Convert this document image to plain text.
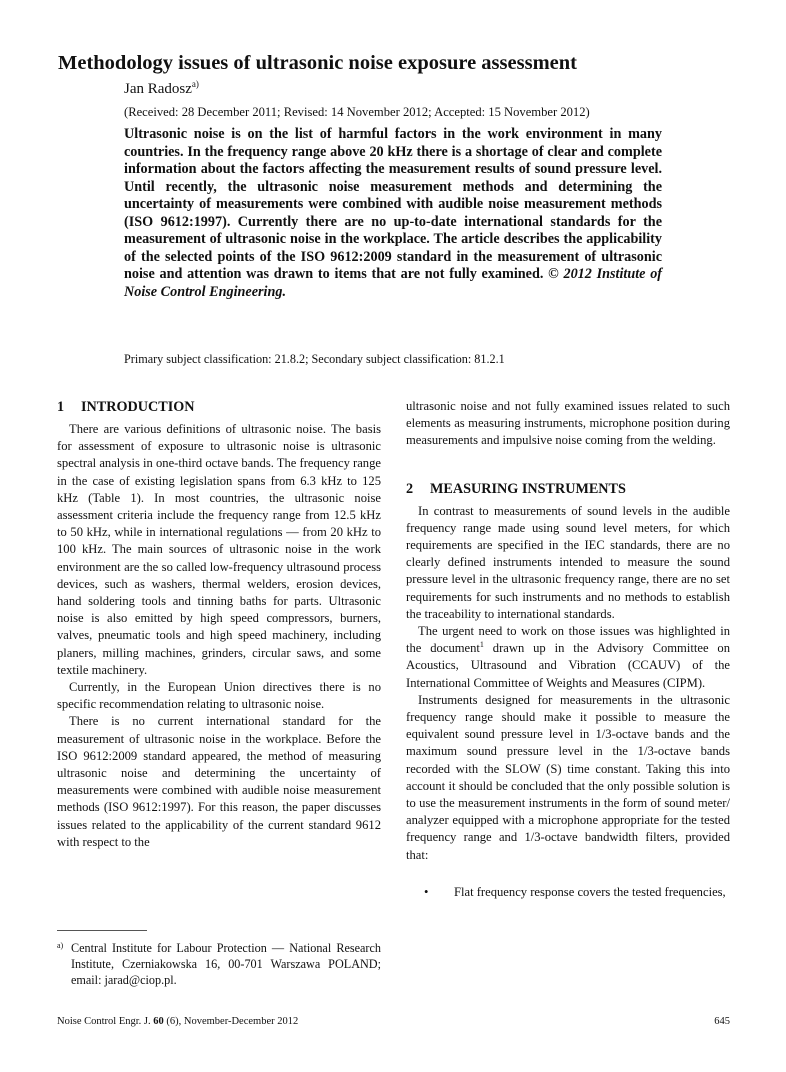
Methodology issues of ultrasonic noise exposure assessment
Jan Radosz$^{a)}$
(Received: 28 December 2011; Revised: 14 November 2012; Accepted: 15 November 2012)

Ultrasonic noise is on the list of harmful factors in the work environment in many countries. In the frequency range above 20 kHz there is a shortage of clear and complete information about the factors affecting the measurement results of sound pressure level. Until recently, the ultrasonic noise measurement methods and determining the uncertainty of measurements were combined with audible noise measurement methods (ISO 9612:1997). Currently there are no up-to-date international standards for the measurement of ultrasonic noise in the workplace. The article describes the applicability of the selected points of the ISO 9612:2009 standard in the measurement of ultrasonic noise and attention was drawn to items that are not fully examined. © 2012 Institute of Noise Control Engineering.

Primary subject classification: 21.8.2; Secondary subject classification: 81.2.1
1 INTRODUCTION

There are various definitions of ultrasonic noise. The basis for assessment of exposure to ultrasonic noise is ultrasonic spectral analysis in one-third octave bands. The frequency range in the case of existing legislation spans from 6.3 kHz to 125 kHz (Table 1). In most countries, the ultrasonic noise assessment criteria include the frequency range from 12.5 kHz to 50 kHz, while in international regulations — from 20 kHz to 100 kHz. The main sources of ultrasonic noise in the work environment are the so called low-frequency ultrasound process devices, such as washers, thermal welders, erosion devices, hand soldering tools and tinning baths for parts. Ultrasonic noise is also emitted by high speed compressors, burners, valves, pneumatic tools and high speed machinery, including planers, milling machines, grinders, circular saws, and some textile machinery.

Currently, in the European Union directives there is no specific recommendation relating to ultrasonic noise.

There is no current international standard for the measurement of ultrasonic noise in the workplace. Before the ISO 9612:2009 standard appeared, the method of measuring ultrasonic noise and determining the uncertainty of measurements were combined with audible noise measurement methods (ISO 9612:1997). For this reason, the paper discusses issues related to the applicability of the current standard 9612 with respect to the

ultrasonic noise and not fully examined issues related to such elements as measuring instruments, microphone position during measurements and impulsive noise coming from the welding.

2 MEASURING INSTRUMENTS

In contrast to measurements of sound levels in the audible frequency range made using sound level meters, for which requirements are specified in the IEC standards, there are no clearly defined instruments intended to measure the sound pressure level in the ultrasonic frequency range, there are no set requirements for such instruments and no methods to establish the traceability to international standards.

The urgent need to work on those issues was highlighted in the document$^1$ drawn up in the Advisory Committee on Acoustics, Ultrasound and Vibration (CCAUV) of the International Committee of Weights and Measures (CIPM).

Instruments designed for measurements in the ultrasonic frequency range should make it possible to measure the equivalent sound pressure level in 1/3-octave bands and the maximum sound pressure level in the 1/3-octave bands recorded with the SLOW (S) time constant. Taking this into account it should be concluded that the only possible solution is to use the measurement instruments in the form of sound meter/ analyzer equipped with a microphone appropriate for the tested frequency range and 1/3-octave bandwidth filters, provided that:

•	Flat frequency response covers the tested frequencies,
a) Central Institute for Labour Protection — National Research Institute, Czerniakowska 16, 00-701 Warszawa POLAND; email: jarad@ciop.pl.
Noise Control Engr. J. 60 (6), November-December 2012	645
